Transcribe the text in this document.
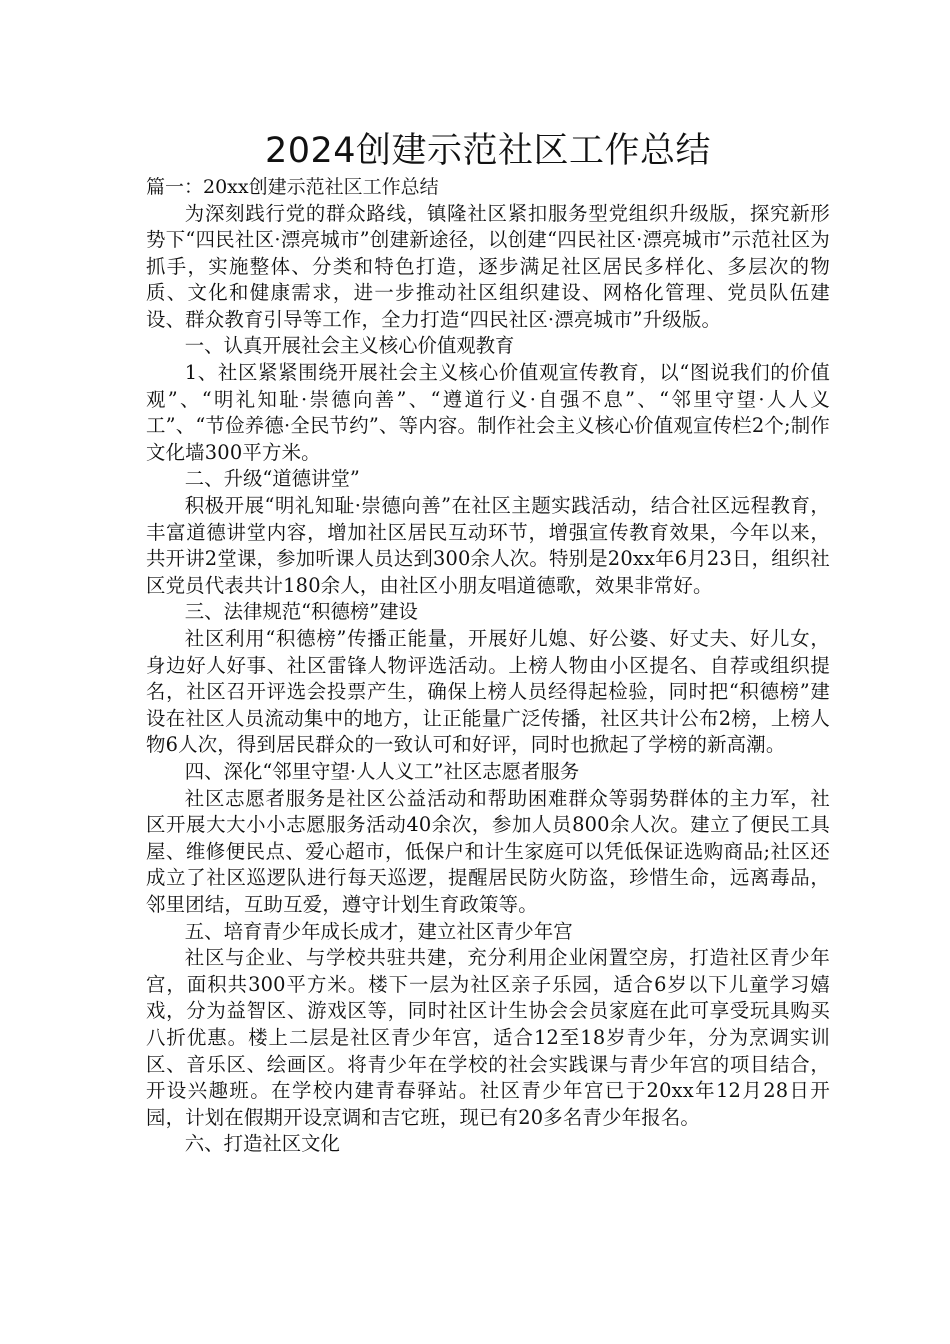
2024创建示范社区工作总结

篇一：20xx创建示范社区工作总结

为深刻践行党的群众路线，镇隆社区紧扣服务型党组织升级版，探究新形势下“四民社区·漂亮城市”创建新途径，以创建“四民社区·漂亮城市”示范社区为抓手，实施整体、分类和特色打造，逐步满足社区居民多样化、多层次的物质、文化和健康需求，进一步推动社区组织建设、网格化管理、党员队伍建设、群众教育引导等工作，全力打造“四民社区·漂亮城市”升级版。

一、认真开展社会主义核心价值观教育

1、社区紧紧围绕开展社会主义核心价值观宣传教育，以“图说我们的价值观”、“明礼知耻·崇德向善”、“遵道行义·自强不息”、“邻里守望·人人义工”、“节俭养德·全民节约”、等内容。制作社会主义核心价值观宣传栏2个;制作文化墙300平方米。

二、升级“道德讲堂”

积极开展“明礼知耻·崇德向善”在社区主题实践活动，结合社区远程教育，丰富道德讲堂内容，增加社区居民互动环节，增强宣传教育效果，今年以来，共开讲2堂课，参加听课人员达到300余人次。特别是20xx年6月23日，组织社区党员代表共计180余人，由社区小朋友唱道德歌，效果非常好。

三、法律规范“积德榜”建设

社区利用“积德榜”传播正能量，开展好儿媳、好公婆、好丈夫、好儿女，身边好人好事、社区雷锋人物评选活动。上榜人物由小区提名、自荐或组织提名，社区召开评选会投票产生，确保上榜人员经得起检验，同时把“积德榜”建设在社区人员流动集中的地方，让正能量广泛传播，社区共计公布2榜，上榜人物6人次，得到居民群众的一致认可和好评，同时也掀起了学榜的新高潮。

四、深化“邻里守望·人人义工”社区志愿者服务

社区志愿者服务是社区公益活动和帮助困难群众等弱势群体的主力军，社区开展大大小小志愿服务活动40余次，参加人员800余人次。建立了便民工具屋、维修便民点、爱心超市，低保户和计生家庭可以凭低保证选购商品;社区还成立了社区巡逻队进行每天巡逻，提醒居民防火防盗，珍惜生命，远离毒品，邻里团结，互助互爱，遵守计划生育政策等。

五、培育青少年成长成才，建立社区青少年宫

社区与企业、与学校共驻共建，充分利用企业闲置空房，打造社区青少年宫，面积共300平方米。楼下一层为社区亲子乐园，适合6岁以下儿童学习嬉戏，分为益智区、游戏区等，同时社区计生协会会员家庭在此可享受玩具购买八折优惠。楼上二层是社区青少年宫，适合12至18岁青少年，分为烹调实训区、音乐区、绘画区。将青少年在学校的社会实践课与青少年宫的项目结合，开设兴趣班。在学校内建青春驿站。社区青少年宫已于20xx年12月28日开园，计划在假期开设烹调和吉它班，现已有20多名青少年报名。

六、打造社区文化
